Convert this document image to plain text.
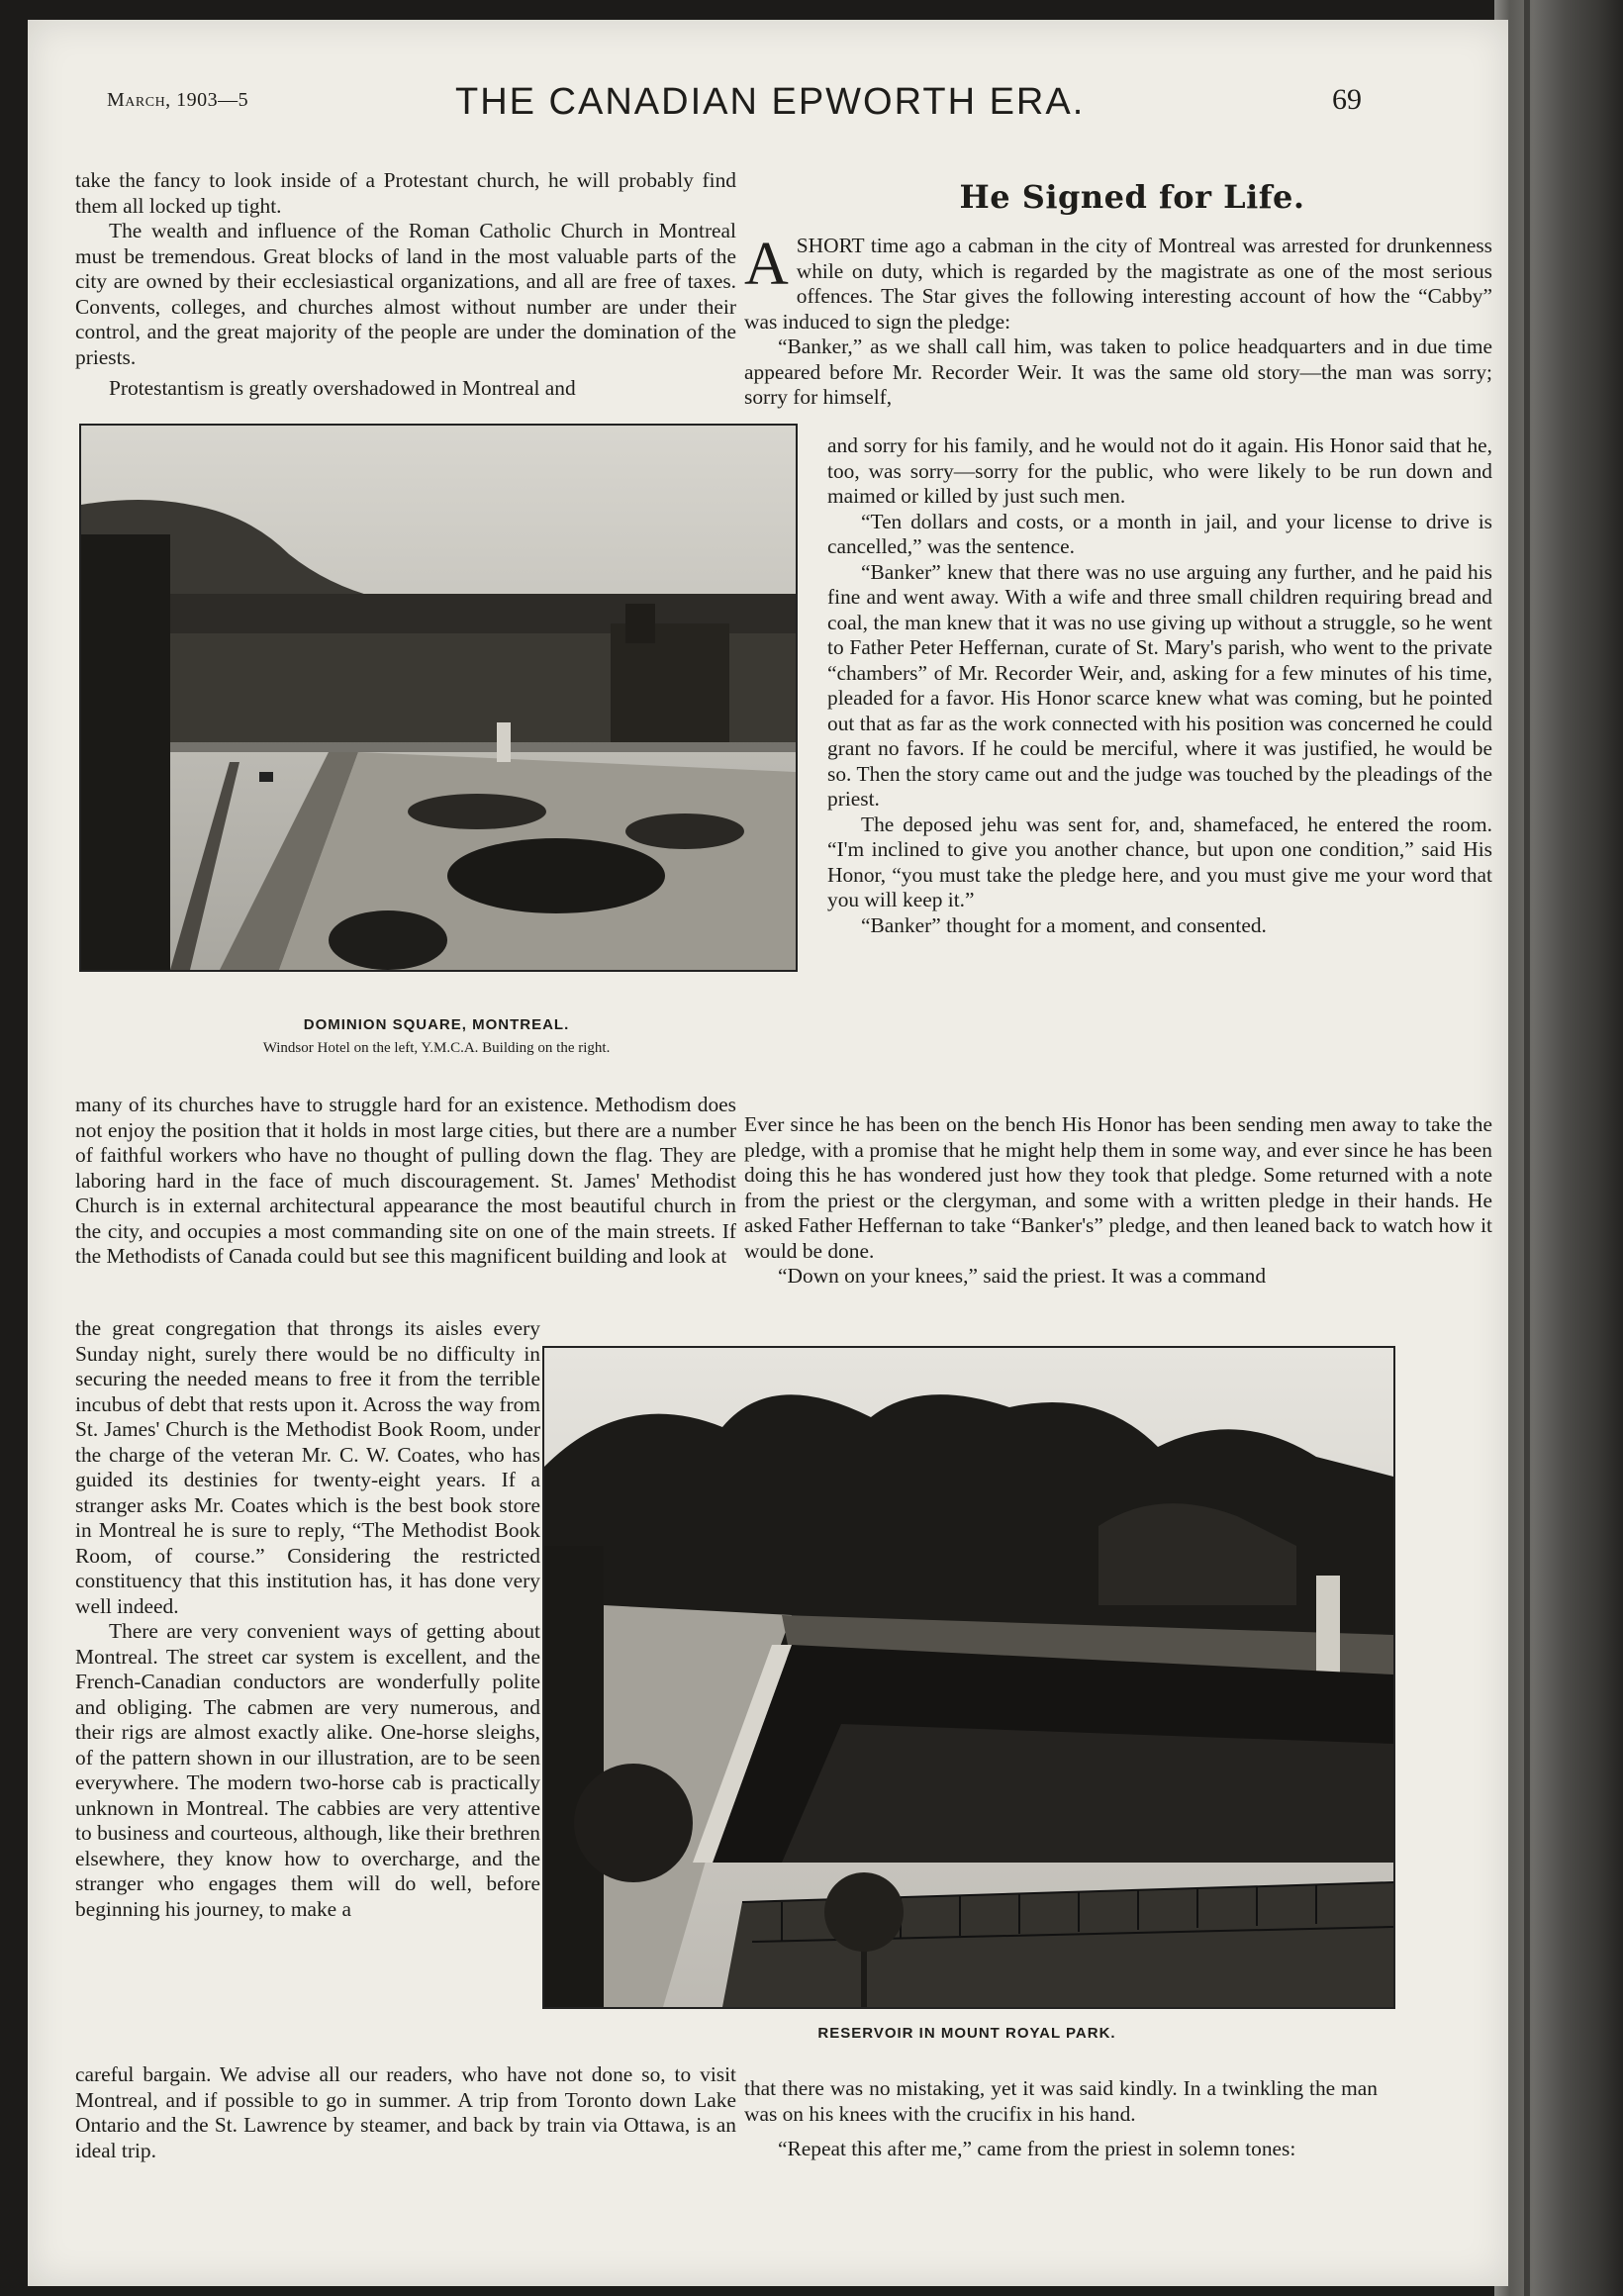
March, 1903—5	THE CANADIAN EPWORTH ERA.	69

take the fancy to look inside of a Protestant church, he will probably find them all locked up tight.

The wealth and influence of the Roman Catholic Church in Montreal must be tremendous. Great blocks of land in the most valuable parts of the city are owned by their ecclesiastical organizations, and all are free of taxes. Convents, colleges, and churches almost without number are under their control, and the great majority of the people are under the domination of the priests.

Protestantism is greatly overshadowed in Montreal and

DOMINION SQUARE, MONTREAL.
Windsor Hotel on the left, Y.M.C.A. Building on the right.

many of its churches have to struggle hard for an existence. Methodism does not enjoy the position that it holds in most large cities, but there are a number of faithful workers who have no thought of pulling down the flag. They are laboring hard in the face of much discouragement. St. James' Methodist Church is in external architectural appearance the most beautiful church in the city, and occupies a most commanding site on one of the main streets. If the Methodists of Canada could but see this magnificent building and look at

the great congregation that throngs its aisles every Sunday night, surely there would be no difficulty in securing the needed means to free it from the terrible incubus of debt that rests upon it. Across the way from St. James' Church is the Methodist Book Room, under the charge of the veteran Mr. C. W. Coates, who has guided its destinies for twenty-eight years. If a stranger asks Mr. Coates which is the best book store in Montreal he is sure to reply, “The Methodist Book Room, of course.” Considering the restricted constituency that this institution has, it has done very well indeed.

There are very convenient ways of getting about Montreal. The street car system is excellent, and the French-Canadian conductors are wonderfully polite and obliging. The cabmen are very numerous, and their rigs are almost exactly alike. One-horse sleighs, of the pattern shown in our illustration, are to be seen everywhere. The modern two-horse cab is practically unknown in Montreal. The cabbies are very attentive to business and courteous, although, like their brethren elsewhere, they know how to overcharge, and the stranger who engages them will do well, before beginning his journey, to make a

careful bargain. We advise all our readers, who have not done so, to visit Montreal, and if possible to go in summer. A trip from Toronto down Lake Ontario and the St. Lawrence by steamer, and back by train via Ottawa, is an ideal trip.

He Signed for Life.

ASHORT time ago a cabman in the city of Montreal was arrested for drunkenness while on duty, which is regarded by the magistrate as one of the most serious offences. The Star gives the following interesting account of how the “Cabby” was induced to sign the pledge:

“Banker,” as we shall call him, was taken to police headquarters and in due time appeared before Mr. Recorder Weir. It was the same old story—the man was sorry; sorry for himself,

and sorry for his family, and he would not do it again. His Honor said that he, too, was sorry—sorry for the public, who were likely to be run down and maimed or killed by just such men.

“Ten dollars and costs, or a month in jail, and your license to drive is cancelled,” was the sentence.

“Banker” knew that there was no use arguing any further, and he paid his fine and went away. With a wife and three small children requiring bread and coal, the man knew that it was no use giving up without a struggle, so he went to Father Peter Heffernan, curate of St. Mary's parish, who went to the private “chambers” of Mr. Recorder Weir, and, asking for a few minutes of his time, pleaded for a favor. His Honor scarce knew what was coming, but he pointed out that as far as the work connected with his position was concerned he could grant no favors. If he could be merciful, where it was justified, he would be so. Then the story came out and the judge was touched by the pleadings of the priest.

The deposed jehu was sent for, and, shamefaced, he entered the room. “I'm inclined to give you another chance, but upon one condition,” said His Honor, “you must take the pledge here, and you must give me your word that you will keep it.”

“Banker” thought for a moment, and consented.

Ever since he has been on the bench His Honor has been sending men away to take the pledge, with a promise that he might help them in some way, and ever since he has been doing this he has wondered just how they took that pledge. Some returned with a note from the priest or the clergyman, and some with a written pledge in their hands. He asked Father Heffernan to take “Banker's” pledge, and then leaned back to watch how it would be done.

“Down on your knees,” said the priest. It was a command

RESERVOIR IN MOUNT ROYAL PARK.

that there was no mistaking, yet it was said kindly. In a twinkling the man was on his knees with the crucifix in his hand.

“Repeat this after me,” came from the priest in solemn tones:
